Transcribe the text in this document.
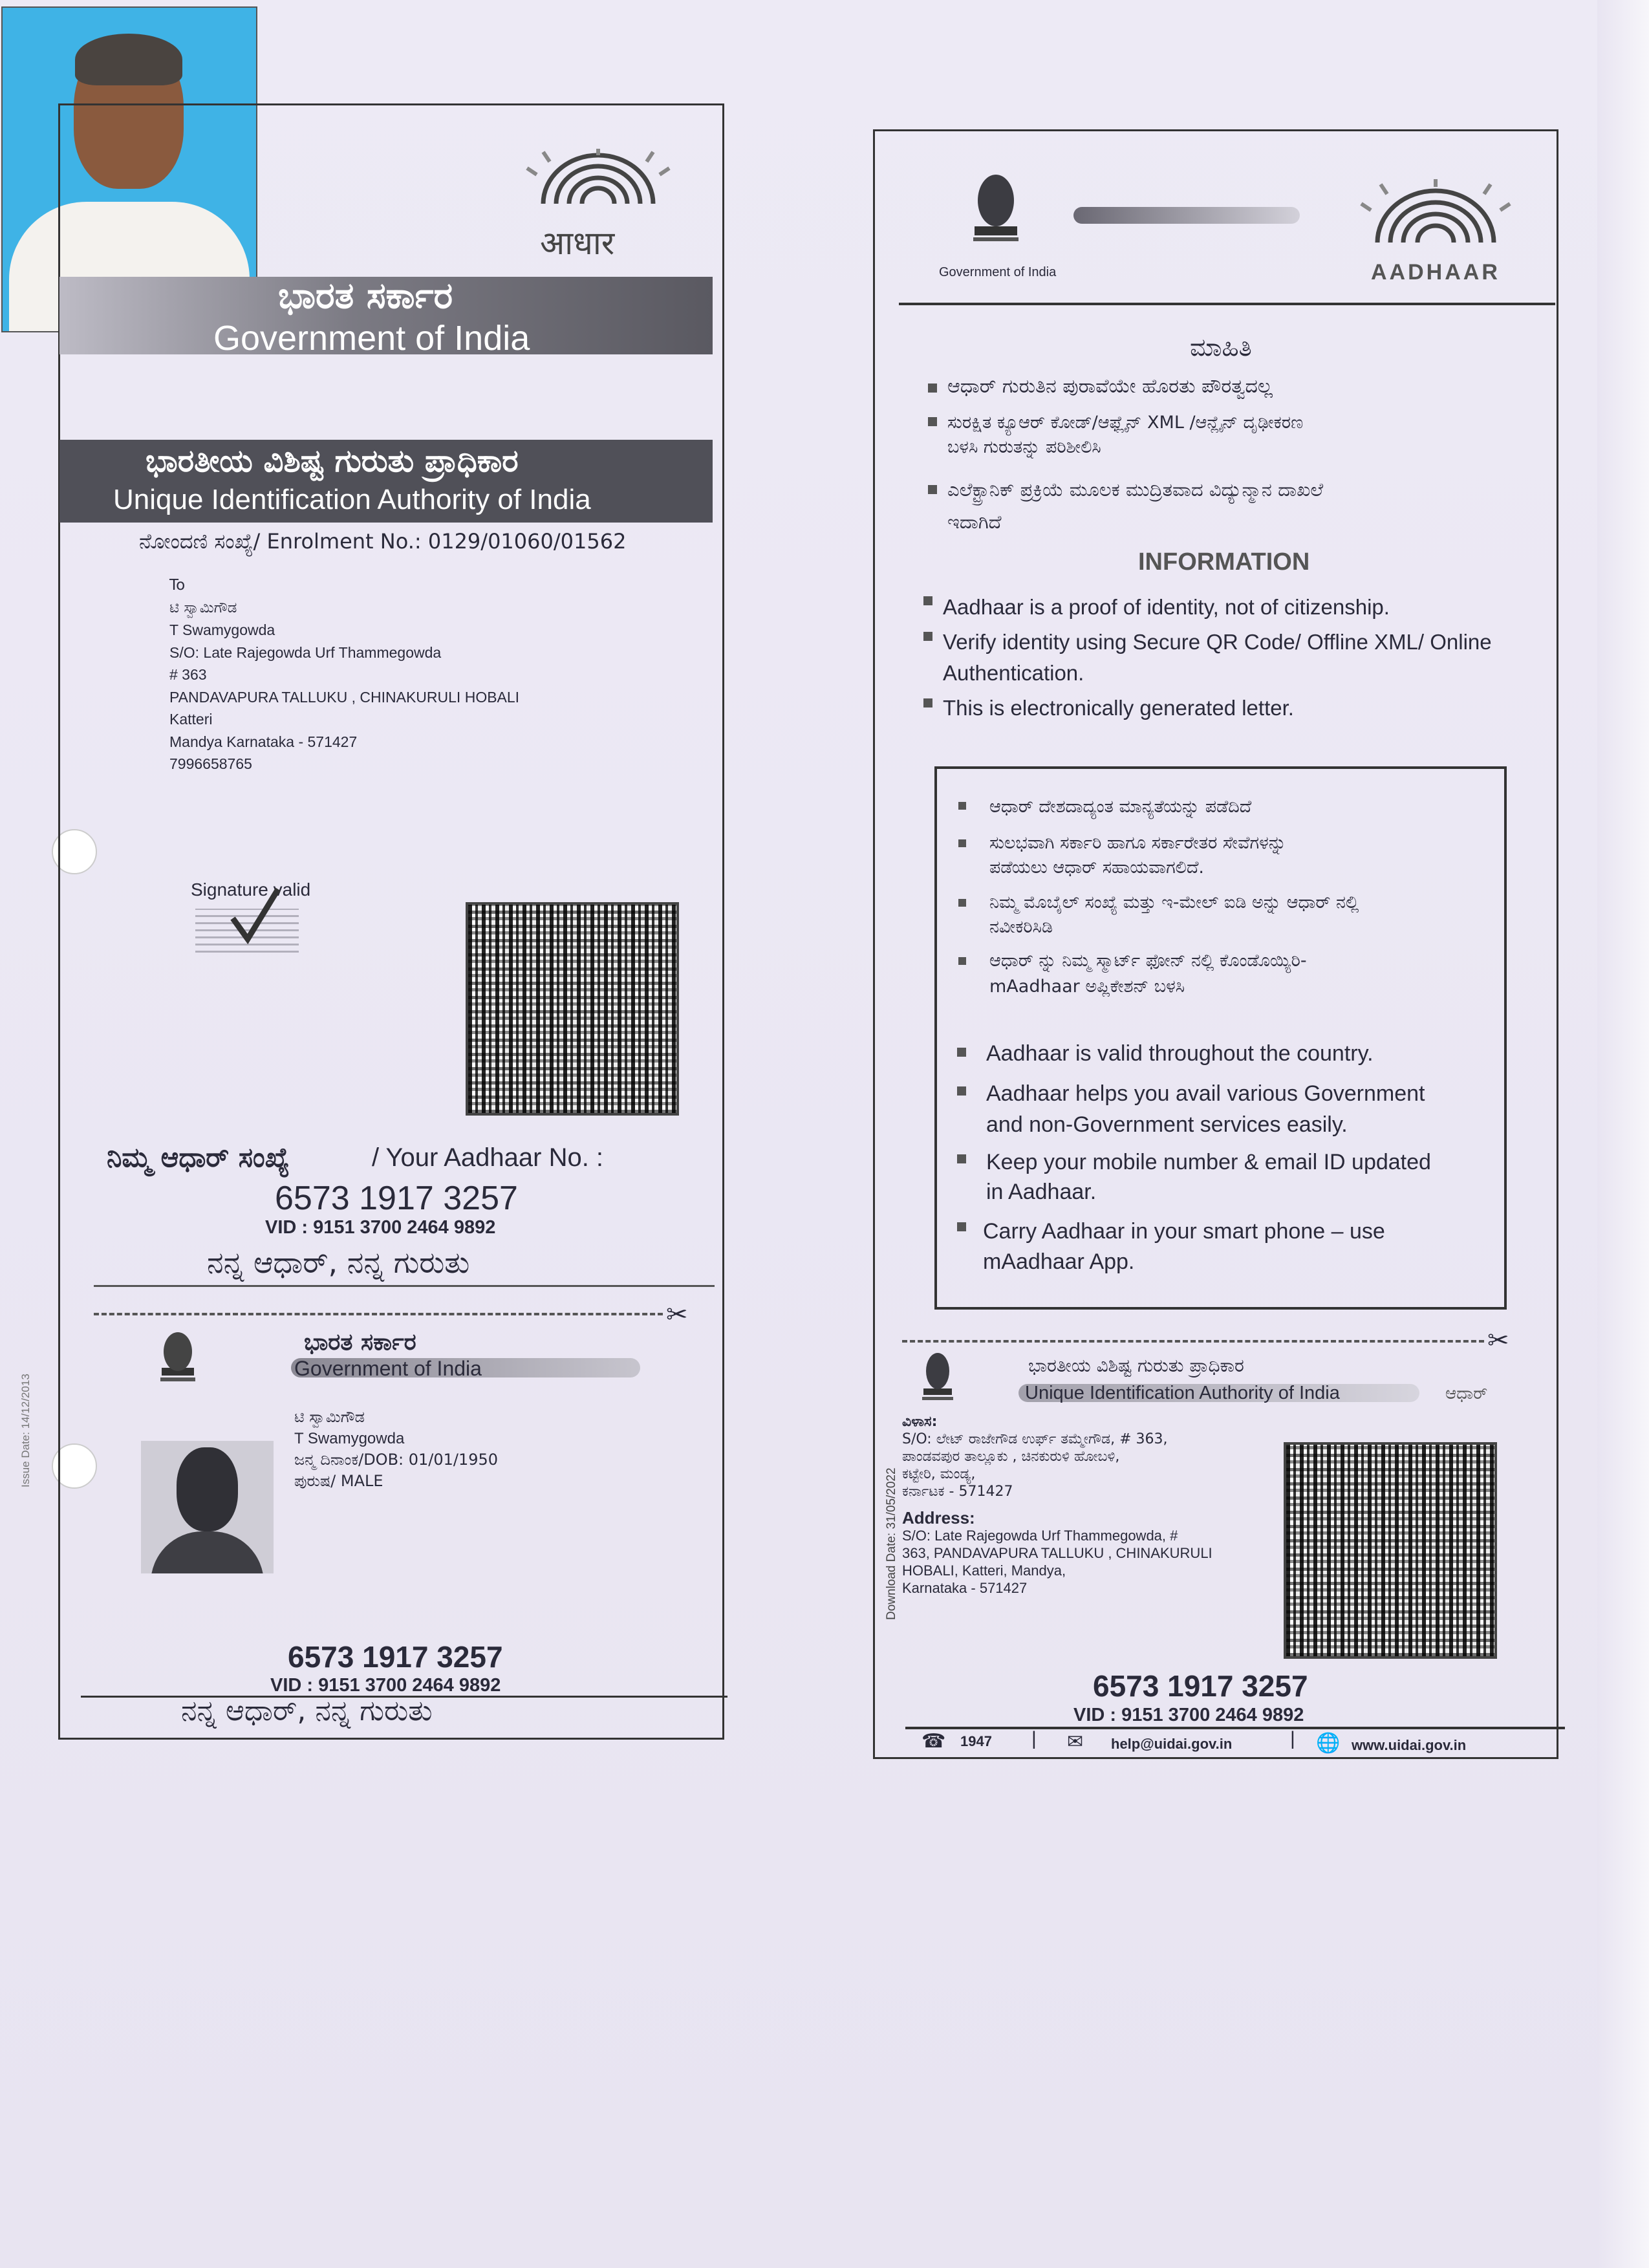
आधार
ಭಾರತ ಸರ್ಕಾರ
Government of India
ಭಾರತೀಯ ವಿಶಿಷ್ಟ ಗುರುತು ಪ್ರಾಧಿಕಾರ
Unique Identification Authority of India
ನೋಂದಣಿ ಸಂಖ್ಯೆ/ Enrolment No.: 0129/01060/01562
To
ಟಿ ಸ್ವಾಮಿಗೌಡ
T Swamygowda
S/O: Late Rajegowda Urf Thammegowda
# 363
PANDAVAPURA TALLUKU , CHINAKURULI HOBALI
Katteri
Mandya Karnataka - 571427
7996658765
Signature valid
ನಿಮ್ಮ ಆಧಾರ್ ಸಂಖ್ಯೆ	/ Your Aadhaar No. :
6573 1917 3257
VID : 9151 3700 2464 9892
ನನ್ನ ಆಧಾರ್, ನನ್ನ ಗುರುತು
✂
ಭಾರತ ಸರ್ಕಾರ
Government of India
ಟಿ ಸ್ವಾಮಿಗೌಡ
T Swamygowda
ಜನ್ಮ ದಿನಾಂಕ/DOB: 01/01/1950
ಪುರುಷ/ MALE
Issue Date: 14/12/2013
6573 1917 3257
VID : 9151 3700 2464 9892
ನನ್ನ ಆಧಾರ್, ನನ್ನ ಗುರುತು
Government of India	AADHAAR
ಮಾಹಿತಿ
ಆಧಾರ್ ಗುರುತಿನ ಪುರಾವೆಯೇ ಹೊರತು ಪೌರತ್ವದಲ್ಲ
ಸುರಕ್ಷಿತ ಕ್ಯೂಆರ್ ಕೋಡ್/ಆಫ್ಲೈನ್ XML /ಆನ್ಲೈನ್ ದೃಢೀಕರಣ
ಬಳಸಿ ಗುರುತನ್ನು ಪರಿಶೀಲಿಸಿ
ಎಲೆಕ್ಟ್ರಾನಿಕ್ ಪ್ರಕ್ರಿಯೆ ಮೂಲಕ ಮುದ್ರಿತವಾದ ವಿದ್ಯುನ್ಮಾನ ದಾಖಲೆ
ಇದಾಗಿದೆ
INFORMATION
Aadhaar is a proof of identity, not of citizenship.
Verify identity using Secure QR Code/ Offline XML/ Online
Authentication.
This is electronically generated letter.
ಆಧಾರ್ ದೇಶದಾದ್ಯಂತ ಮಾನ್ಯತೆಯನ್ನು ಪಡೆದಿದೆ
ಸುಲಭವಾಗಿ ಸರ್ಕಾರಿ ಹಾಗೂ ಸರ್ಕಾರೇತರ ಸೇವೆಗಳನ್ನು
ಪಡೆಯಲು ಆಧಾರ್ ಸಹಾಯವಾಗಲಿದೆ.
ನಿಮ್ಮ ಮೊಬೈಲ್ ಸಂಖ್ಯೆ ಮತ್ತು ಇ-ಮೇಲ್ ಐಡಿ ಅನ್ನು ಆಧಾರ್ ನಲ್ಲಿ
ನವೀಕರಿಸಿಡಿ
ಆಧಾರ್ ನ್ನು ನಿಮ್ಮ ಸ್ಮಾರ್ಟ್ ಫೋನ್ ನಲ್ಲಿ ಕೊಂಡೊಯ್ಯಿರಿ-
mAadhaar ಅಪ್ಲಿಕೇಶನ್ ಬಳಸಿ
Aadhaar is valid throughout the country.
Aadhaar helps you avail various Government
and non-Government services easily.
Keep your mobile number & email ID updated
in Aadhaar.
Carry Aadhaar in your smart phone – use
mAadhaar App.
✂
ಭಾರತೀಯ ವಿಶಿಷ್ಟ ಗುರುತು ಪ್ರಾಧಿಕಾರ
Unique Identification Authority of India	ಆಧಾರ್
ವಿಳಾಸ:
S/O: ಲೇಟ್ ರಾಜೇಗೌಡ ಉರ್ಫ್ ತಮ್ಮೇಗೌಡ, # 363,
ಪಾಂಡವಪುರ ತಾಲ್ಲೂಕು , ಚಿನಕುರುಳಿ ಹೋಬಳಿ,
ಕಟ್ಟೇರಿ, ಮಂಡ್ಯ,
ಕರ್ನಾಟಕ - 571427
Address:
S/O: Late Rajegowda Urf Thammegowda, #
363, PANDAVAPURA TALLUKU , CHINAKURULI
HOBALI, Katteri, Mandya,
Karnataka - 571427
Download Date: 31/05/2022
6573 1917 3257
VID : 9151 3700 2464 9892
☎ 1947 | ✉ help@uidai.gov.in	| 🌐 www.uidai.gov.in
